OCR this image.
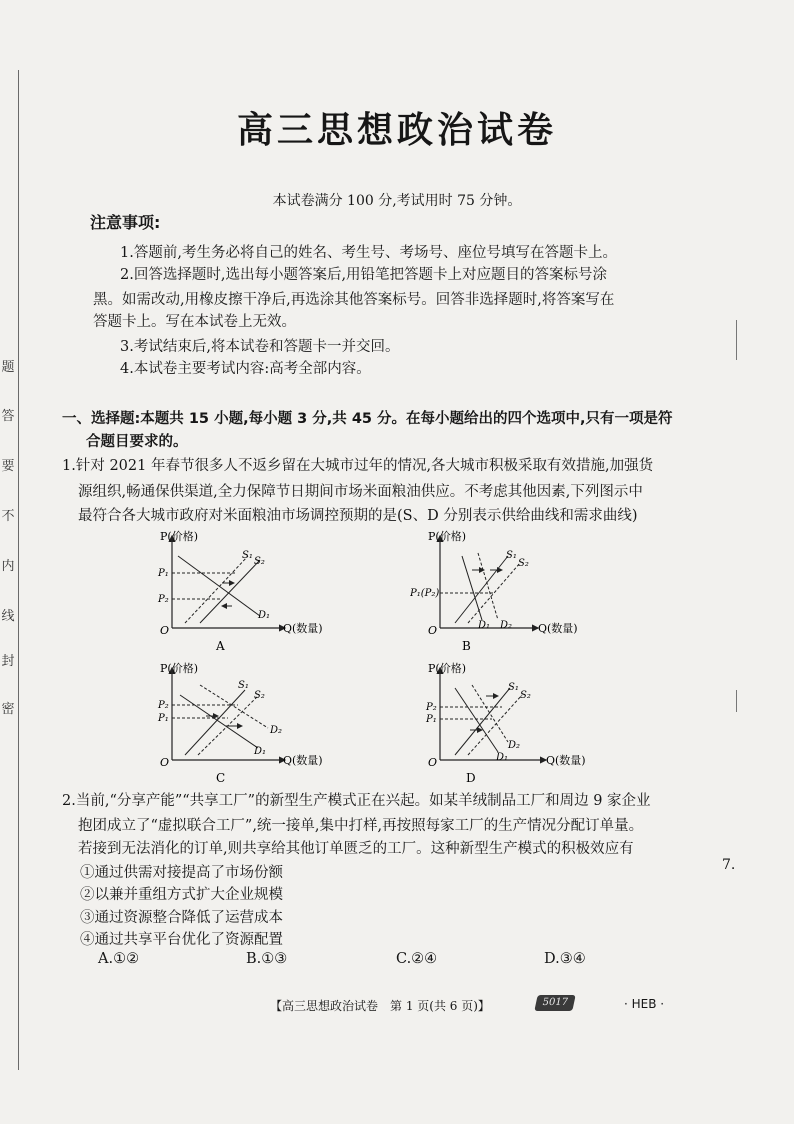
题
答
要
不
内
线
封
密
高三思想政治试卷
本试卷满分 100 分,考试用时 75 分钟。
注意事项:
1.答题前,考生务必将自己的姓名、考生号、考场号、座位号填写在答题卡上。
2.回答选择题时,选出每小题答案后,用铅笔把答题卡上对应题目的答案标号涂
黑。如需改动,用橡皮擦干净后,再选涂其他答案标号。回答非选择题时,将答案写在
答题卡上。写在本试卷上无效。
3.考试结束后,将本试卷和答题卡一并交回。
4.本试卷主要考试内容:高考全部内容。
一、选择题:本题共 15 小题,每小题 3 分,共 45 分。在每小题给出的四个选项中,只有一项是符
合题目要求的。
1.针对 2021 年春节很多人不返乡留在大城市过年的情况,各大城市积极采取有效措施,加强货
源组织,畅通保供渠道,全力保障节日期间市场米面粮油供应。不考虑其他因素,下列图示中
最符合各大城市政府对米面粮油市场调控预期的是(S、D 分别表示供给曲线和需求曲线)
P(价格)
Q(数量)
O
P₁
P₂
S₁
S₂
D₁
A
P(价格)
Q(数量)
O
P₁(P₂)
S₁
S₂
D₁ D₂
B
P(价格)
Q(数量)
O
P₂
P₁
S₁
S₂
D₁
D₂
C
P(价格)
Q(数量)
O
P₂
P₁
S₁
S₂
D₁
D₂
D
2.当前,“分享产能”“共享工厂”的新型生产模式正在兴起。如某羊绒制品工厂和周边 9 家企业
抱团成立了“虚拟联合工厂”,统一接单,集中打样,再按照每家工厂的生产情况分配订单量。
若接到无法消化的订单,则共享给其他订单匮乏的工厂。这种新型生产模式的积极效应有
①通过供需对接提高了市场份额
②以兼并重组方式扩大企业规模
③通过资源整合降低了运营成本
④通过共享平台优化了资源配置
A.①②	B.①③	C.②④	D.③④
7.
【高三思想政治试卷　第 1 页(共 6 页)】	5017	· HEB ·
